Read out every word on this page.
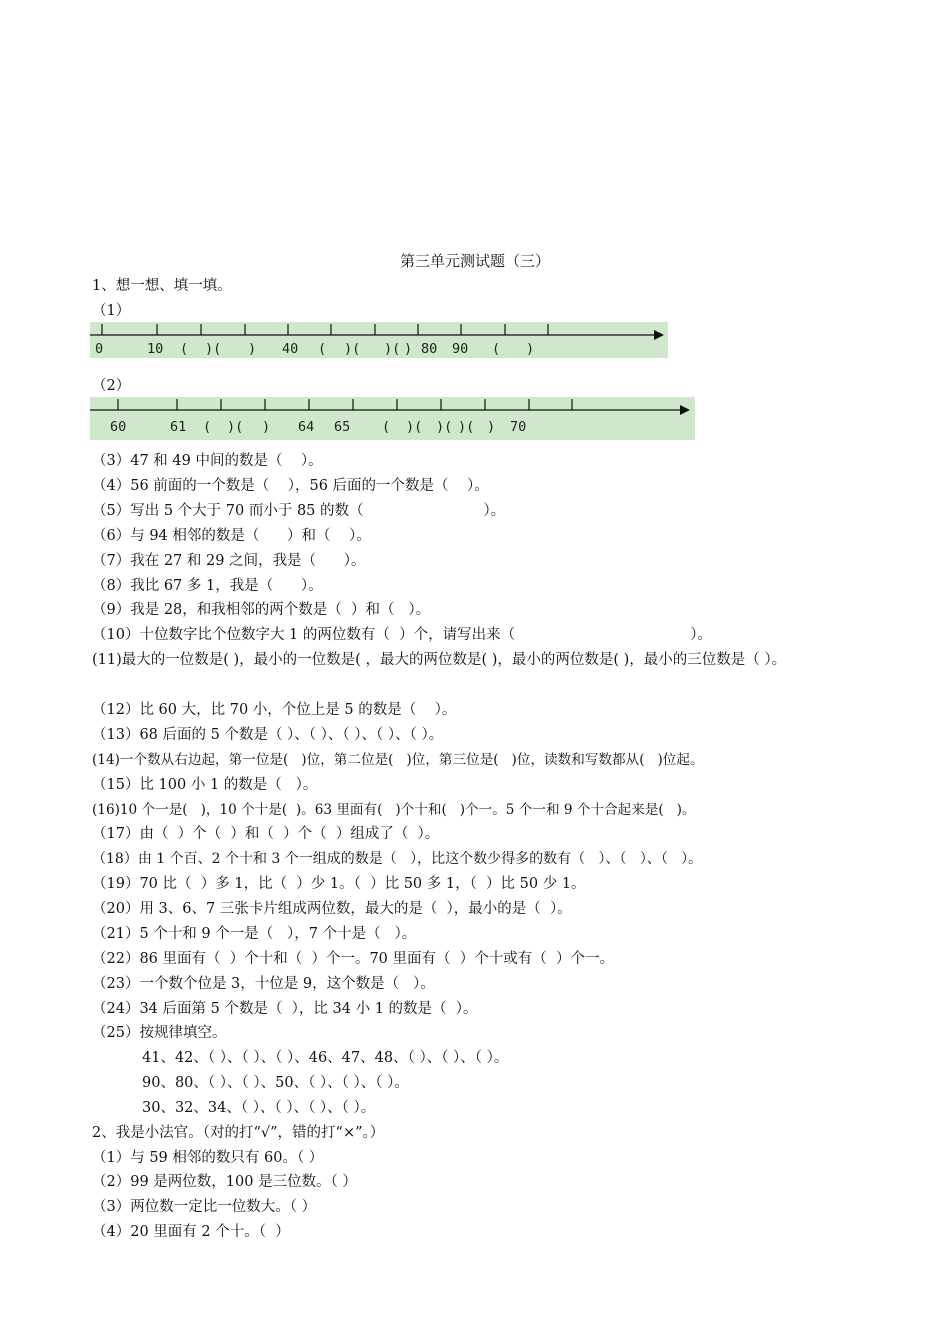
第三单元测试题（三）
1、想一想、填一填。
（1）
0	10 ( )( ) 40 ( )( )( ) 80 90 ( )
（2）
60	61 ( )( ) 64 65 ( )( )( )( ) 70
（3）47 和 49 中间的数是（    ）。
（4）56 前面的一个数是（    ），56 后面的一个数是（    ）。
（5）写出 5 个大于 70 而小于 85 的数（                          ）。
（6）与 94 相邻的数是（      ）和（    ）。
（7）我在 27 和 29 之间，我是（      ）。
（8）我比 67 多 1，我是（      ）。
（9）我是 28，和我相邻的两个数是（  ）和（   ）。
（10）十位数字比个位数字大 1 的两位数有（  ）个，请写出来（                                      ）。
(11)最大的一位数是( )，最小的一位数是( ，最大的两位数是( )，最小的两位数是( )，最小的三位数是（ ）。
（12）比 60 大，比 70 小，个位上是 5 的数是（    ）。
（13）68 后面的 5 个数是（ ）、（ ）、（ ）、（ ）、（ ）。
(14)一个数从右边起，第一位是(   )位，第二位是(   )位，第三位是(   )位，读数和写数都从(   )位起。
（15）比 100 小 1 的数是（   ）。
(16)10 个一是(   )，10 个十是(  )。63 里面有(   )个十和(   )个一。5 个一和 9 个十合起来是(   )。
（17）由（  ）个（  ）和（  ）个（  ）组成了（  ）。
（18）由 1 个百、2 个十和 3 个一组成的数是（   ），比这个数少得多的数有（   ）、（   ）、（   ）。
（19）70 比（  ）多 1，比（  ）少 1。（  ）比 50 多 1，（  ）比 50 少 1。
（20）用 3、6、7 三张卡片组成两位数，最大的是（  ），最小的是（  ）。
（21）5 个十和 9 个一是（   ），7 个十是（   ）。
（22）86 里面有（  ）个十和（  ）个一。70 里面有（  ）个十或有（  ）个一。
（23）一个数个位是 3，十位是 9，这个数是（   ）。
（24）34 后面第 5 个数是（  ），比 34 小 1 的数是（  ）。
（25）按规律填空。
41、42、（ ）、（ ）、（ ）、46、47、48、（ ）、（ ）、（ ）。
90、80、（ ）、（ ）、50、（ ）、（ ）、（ ）。
30、32、34、（ ）、（ ）、（ ）、（ ）。
2、我是小法官。（对的打“√”，错的打“×”。）
（1）与 59 相邻的数只有 60。（ ）
（2）99 是两位数，100 是三位数。（ ）
（3）两位数一定比一位数大。（ ）
（4）20 里面有 2 个十。（  ）
